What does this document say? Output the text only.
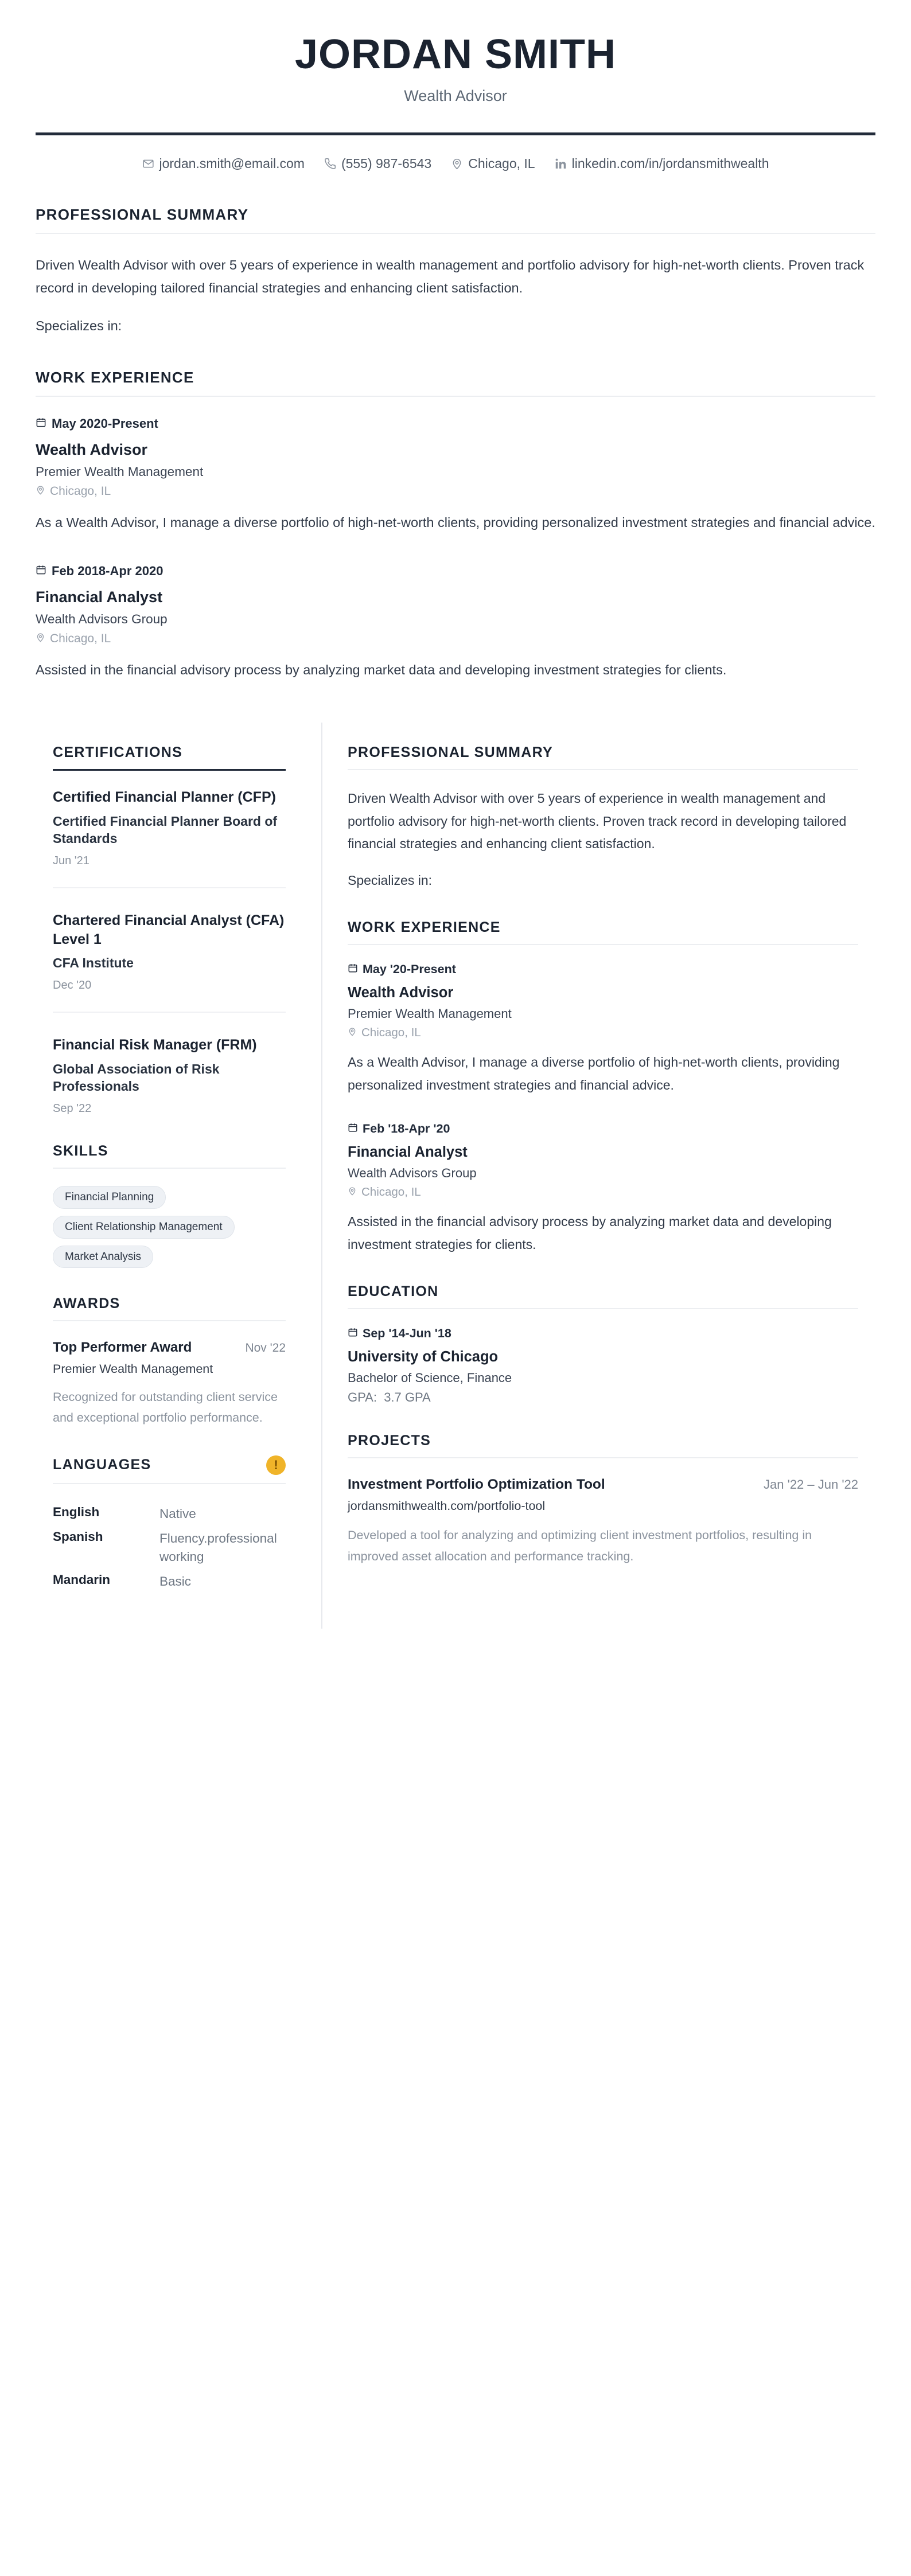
JORDAN SMITH
Wealth Advisor
jordan.smith@email.com	(555) 987-6543	Chicago, IL	linkedin.com/in/jordansmithwealth
PROFESSIONAL SUMMARY

Driven Wealth Advisor with over 5 years of experience in wealth management and portfolio advisory for high-net-worth clients. Proven track record in developing tailored financial strategies and enhancing client satisfaction.

Specializes in:

WORK EXPERIENCE
May 2020-Present
Wealth Advisor
Premier Wealth Management
Chicago, IL

As a Wealth Advisor, I manage a diverse portfolio of high-net-worth clients, providing personalized investment strategies and financial advice.

Feb 2018-Apr 2020
Financial Analyst
Wealth Advisors Group
Chicago, IL

Assisted in the financial advisory process by analyzing market data and developing investment strategies for clients.

CERTIFICATIONS
Certified Financial Planner (CFP)
Certified Financial Planner Board of Standards
Jun '21
Chartered Financial Analyst (CFA) Level 1
CFA Institute
Dec '20
Financial Risk Manager (FRM)
Global Association of Risk Professionals
Sep '22
SKILLS
Financial Planning
Client Relationship Management
Market Analysis
AWARDS
Top Performer Award	Nov '22
Premier Wealth Management

Recognized for outstanding client service and exceptional portfolio performance.

LANGUAGES	!
English	Native
Spanish	Fluency.professional working
Mandarin	Basic
PROFESSIONAL SUMMARY

Driven Wealth Advisor with over 5 years of experience in wealth management and portfolio advisory for high-net-worth clients. Proven track record in developing tailored financial strategies and enhancing client satisfaction.

Specializes in:

WORK EXPERIENCE
May '20-Present
Wealth Advisor
Premier Wealth Management
Chicago, IL

As a Wealth Advisor, I manage a diverse portfolio of high-net-worth clients, providing personalized investment strategies and financial advice.

Feb '18-Apr '20
Financial Analyst
Wealth Advisors Group
Chicago, IL

Assisted in the financial advisory process by analyzing market data and developing investment strategies for clients.

EDUCATION
Sep '14-Jun '18
University of Chicago
Bachelor of Science, Finance
GPA: 3.7 GPA
PROJECTS
Investment Portfolio Optimization Tool	Jan '22 – Jun '22
jordansmithwealth.com/portfolio-tool

Developed a tool for analyzing and optimizing client investment portfolios, resulting in improved asset allocation and performance tracking.
